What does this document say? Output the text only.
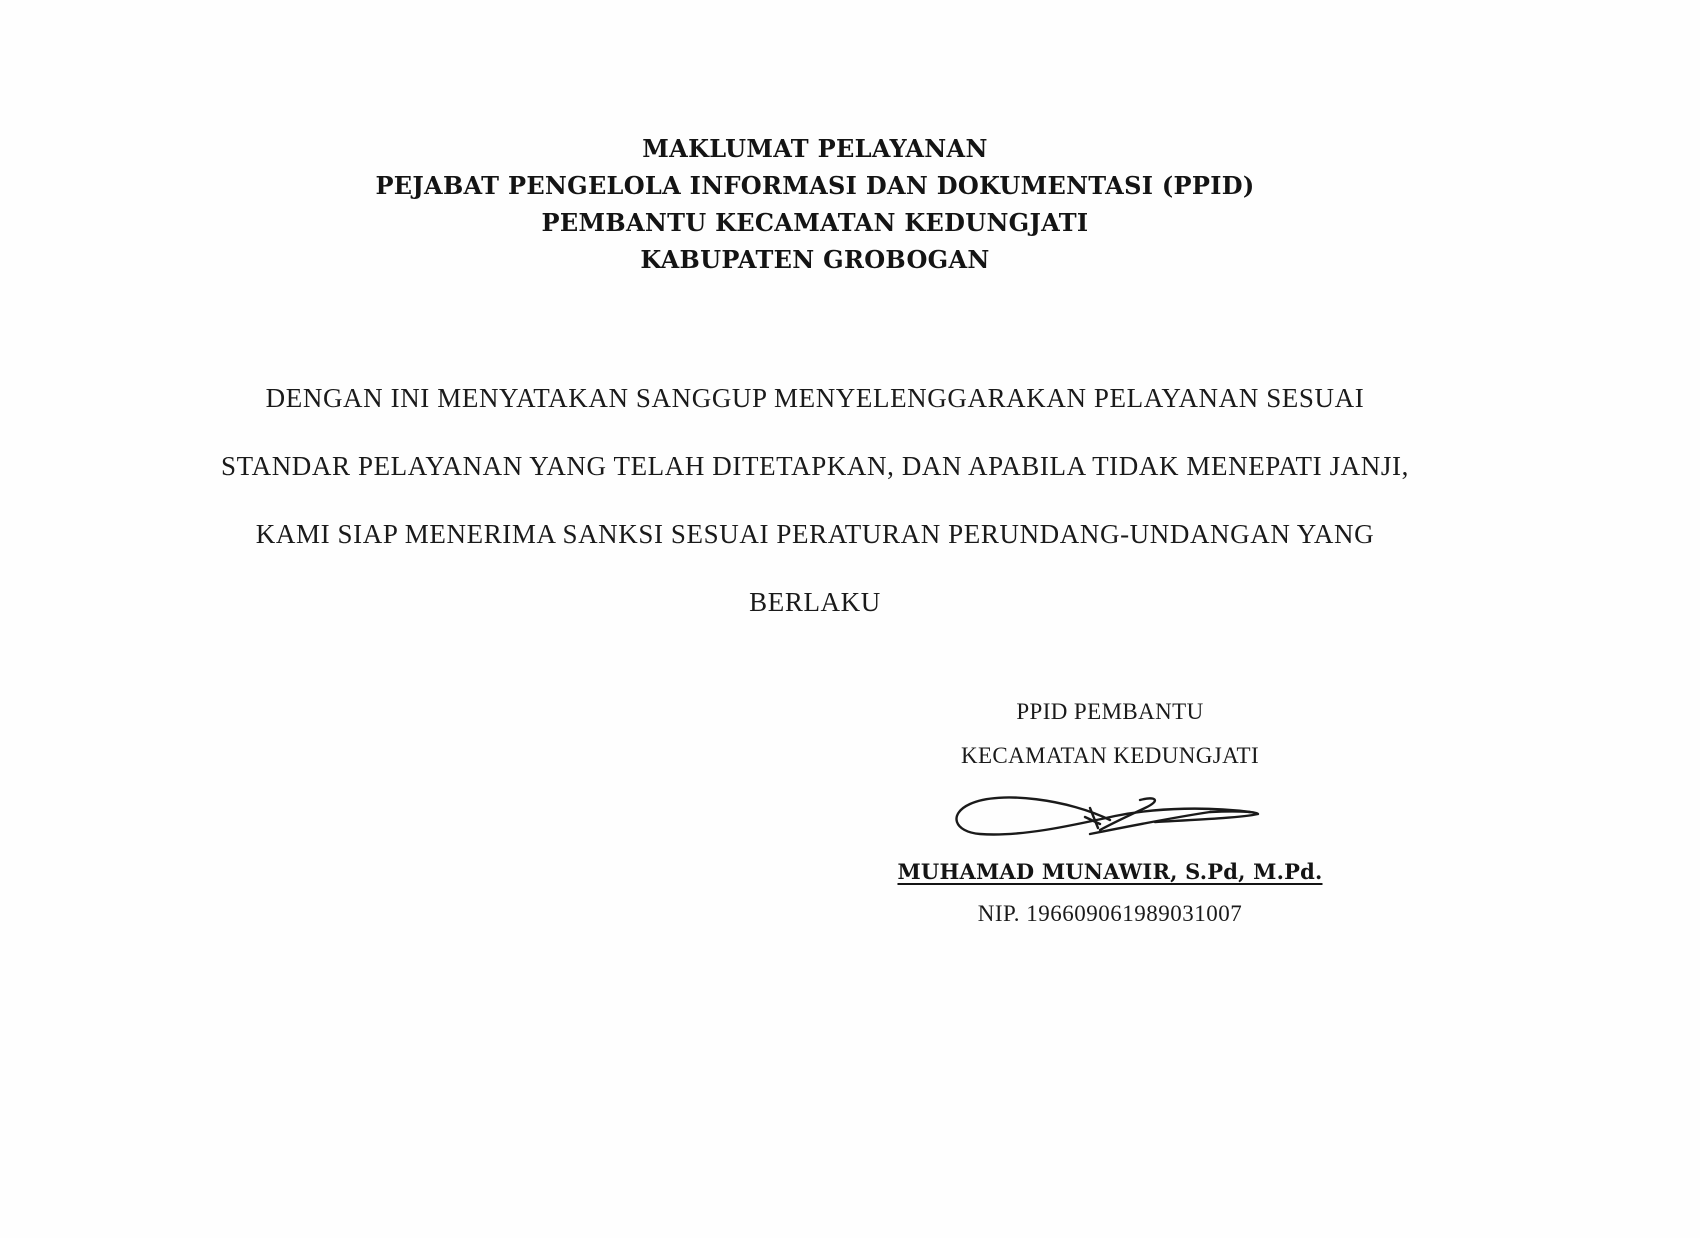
MAKLUMAT PELAYANAN
PEJABAT PENGELOLA INFORMASI DAN DOKUMENTASI (PPID)
PEMBANTU KECAMATAN KEDUNGJATI
KABUPATEN GROBOGAN
DENGAN INI MENYATAKAN SANGGUP MENYELENGGARAKAN PELAYANAN SESUAI
STANDAR PELAYANAN YANG TELAH DITETAPKAN, DAN APABILA TIDAK MENEPATI JANJI,
KAMI SIAP MENERIMA SANKSI SESUAI PERATURAN PERUNDANG-UNDANGAN YANG
BERLAKU
PPID PEMBANTU
KECAMATAN KEDUNGJATI
MUHAMAD MUNAWIR, S.Pd, M.Pd.
NIP. 196609061989031007
